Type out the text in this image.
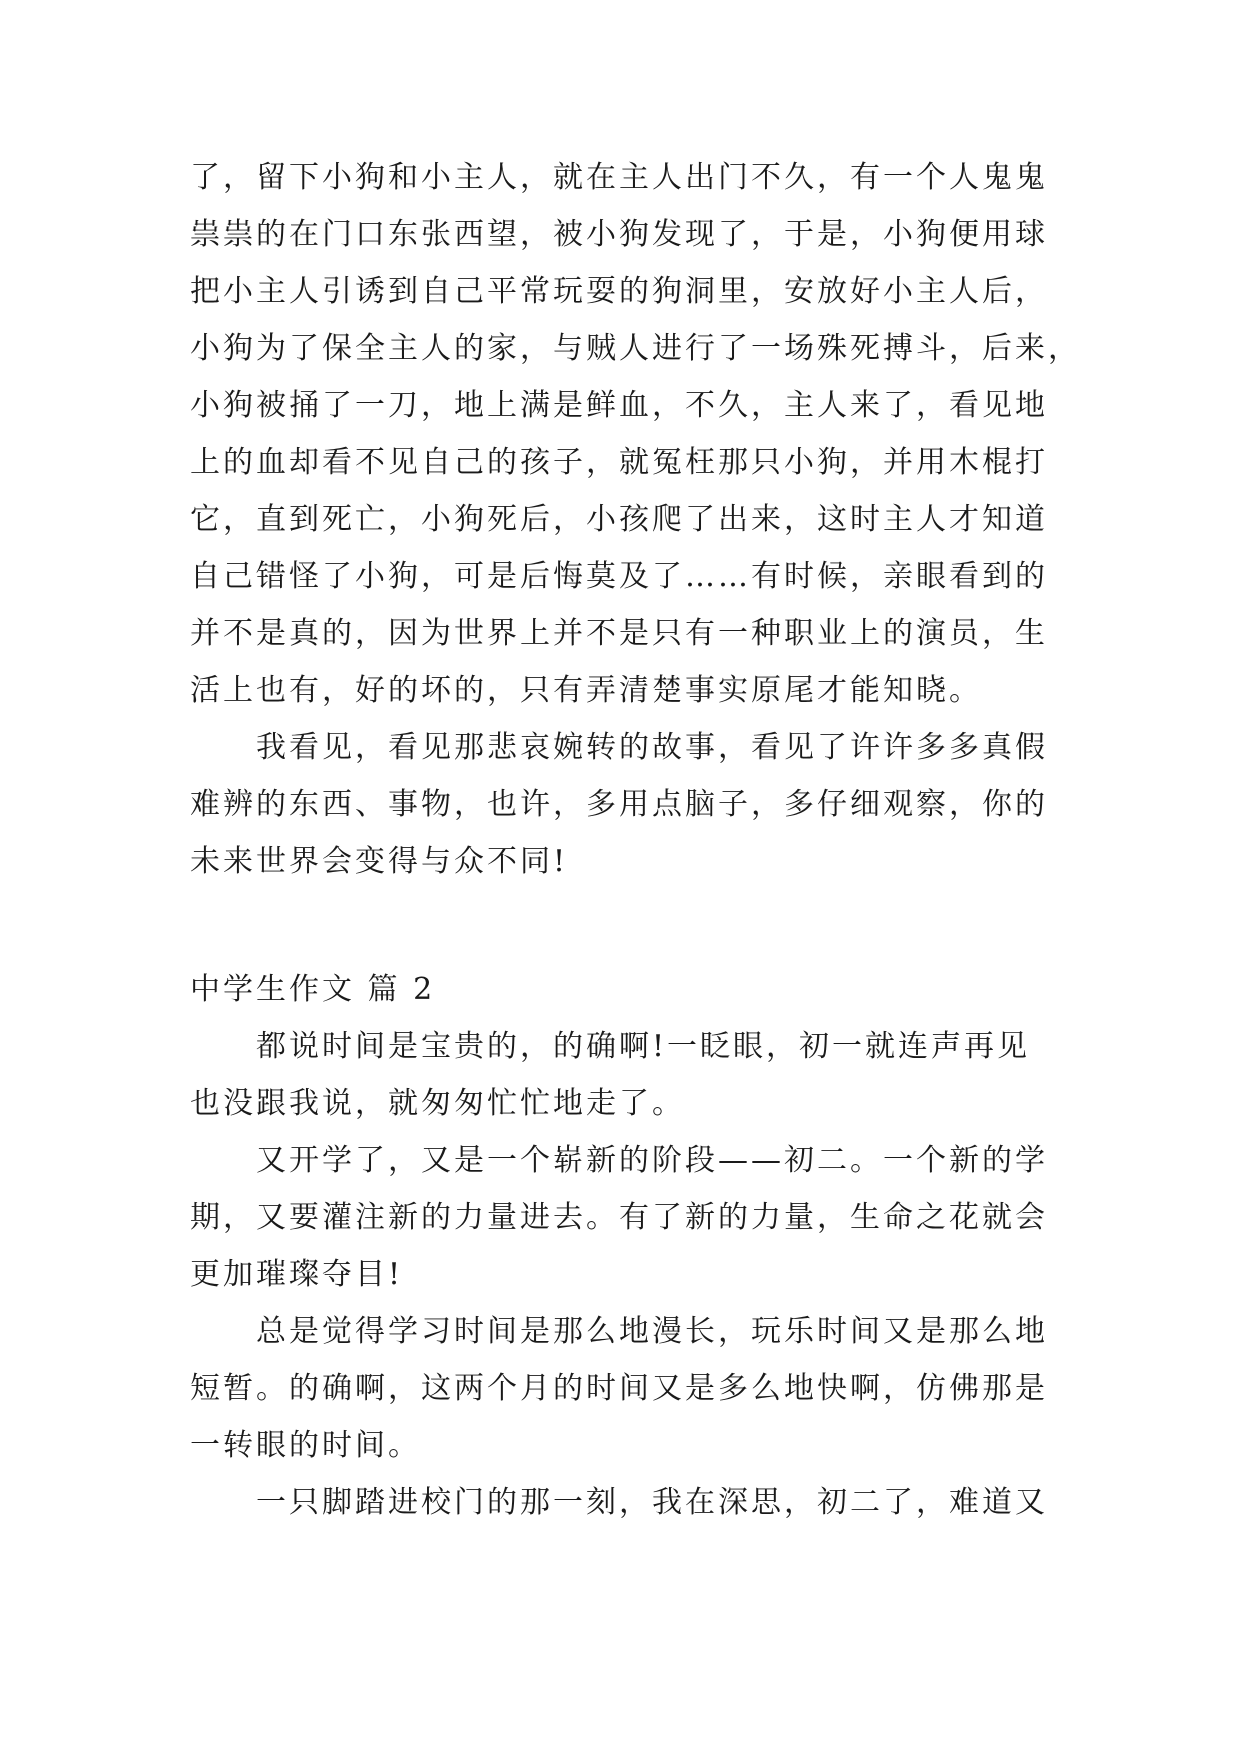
了，留下小狗和小主人，就在主人出门不久，有一个人鬼鬼
祟祟的在门口东张西望，被小狗发现了，于是，小狗便用球
把小主人引诱到自己平常玩耍的狗洞里，安放好小主人后，
小狗为了保全主人的家，与贼人进行了一场殊死搏斗，后来，
小狗被捅了一刀，地上满是鲜血，不久，主人来了，看见地
上的血却看不见自己的孩子，就冤枉那只小狗，并用木棍打
它，直到死亡，小狗死后，小孩爬了出来，这时主人才知道
自己错怪了小狗，可是后悔莫及了……有时候，亲眼看到的
并不是真的，因为世界上并不是只有一种职业上的演员，生
活上也有，好的坏的，只有弄清楚事实原尾才能知晓。
我看见，看见那悲哀婉转的故事，看见了许许多多真假
难辨的东西、事物，也许，多用点脑子，多仔细观察，你的
未来世界会变得与众不同!
中学生作文 篇 2
都说时间是宝贵的，的确啊!一眨眼，初一就连声再见
也没跟我说，就匆匆忙忙地走了。
又开学了，又是一个崭新的阶段——初二。一个新的学
期，又要灌注新的力量进去。有了新的力量，生命之花就会
更加璀璨夺目!
总是觉得学习时间是那么地漫长，玩乐时间又是那么地
短暂。的确啊，这两个月的时间又是多么地快啊，仿佛那是
一转眼的时间。
一只脚踏进校门的那一刻，我在深思，初二了，难道又
